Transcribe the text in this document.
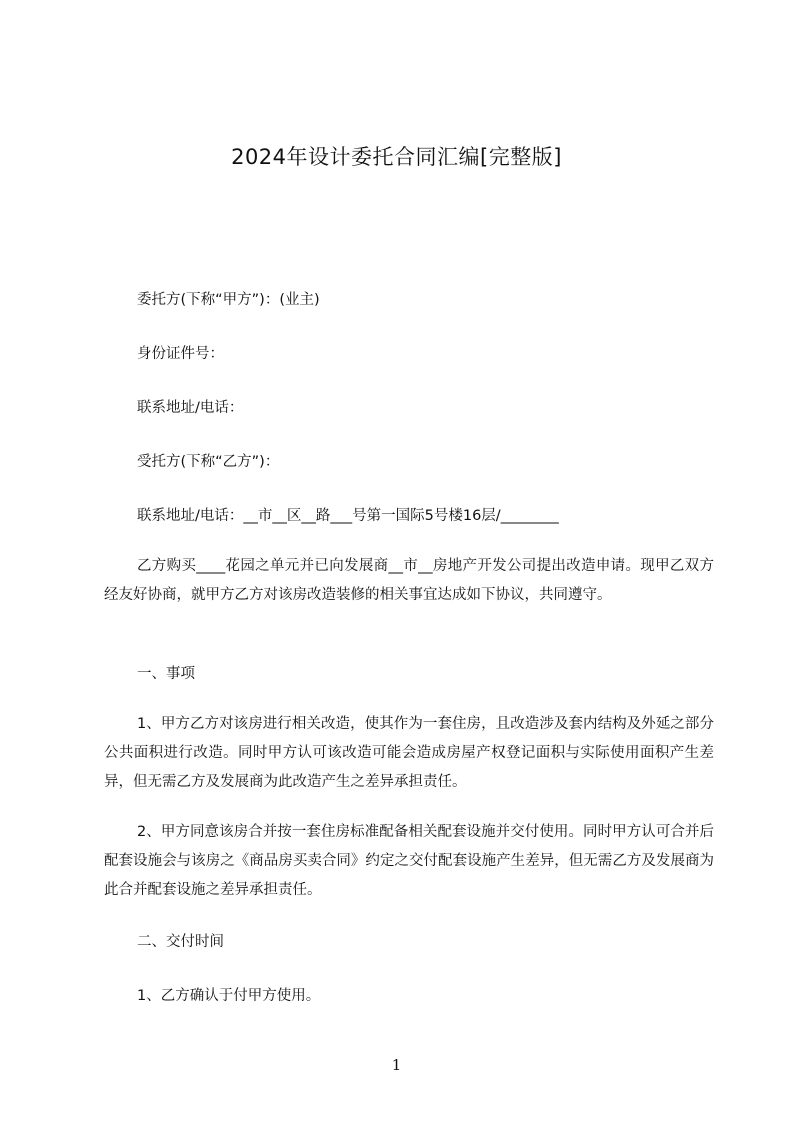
2024年设计委托合同汇编[完整版]
委托方(下称“甲方”)：(业主)
身份证件号：
联系地址/电话：
受托方(下称“乙方”)：
联系地址/电话：__市__区__路___号第一国际5号楼16层/________
乙方购买____花园之单元并已向发展商__市__房地产开发公司提出改造申请。现甲乙双方经友好协商，就甲方乙方对该房改造装修的相关事宜达成如下协议，共同遵守。
一、事项
1、甲方乙方对该房进行相关改造，使其作为一套住房，且改造涉及套内结构及外延之部分公共面积进行改造。同时甲方认可该改造可能会造成房屋产权登记面积与实际使用面积产生差异，但无需乙方及发展商为此改造产生之差异承担责任。
2、甲方同意该房合并按一套住房标准配备相关配套设施并交付使用。同时甲方认可合并后配套设施会与该房之《商品房买卖合同》约定之交付配套设施产生差异，但无需乙方及发展商为此合并配套设施之差异承担责任。
二、交付时间
1、乙方确认于付甲方使用。
1
